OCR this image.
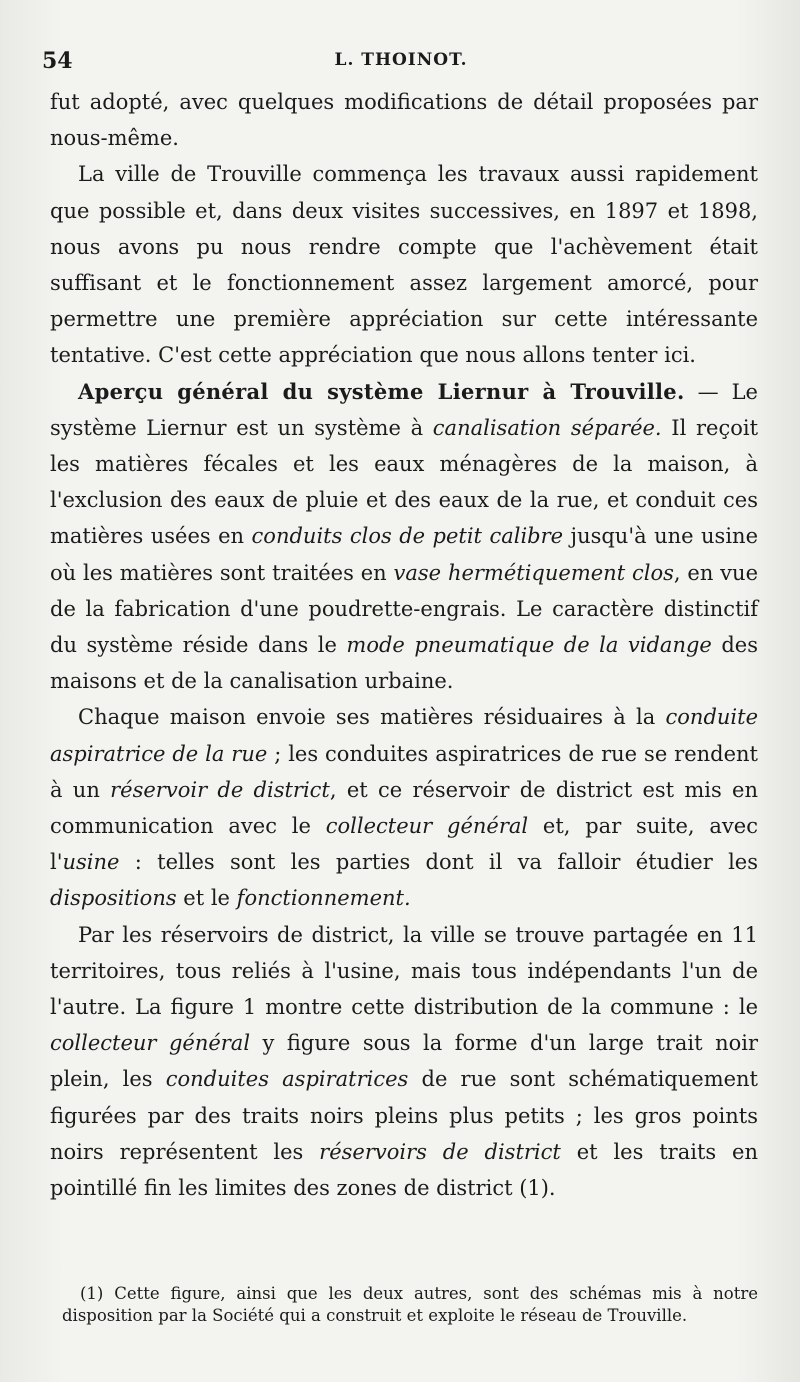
54	L. THOINOT.

fut adopté, avec quelques modifications de détail proposées par nous-même.

La ville de Trouville commença les travaux aussi rapidement que possible et, dans deux visites successives, en 1897 et 1898, nous avons pu nous rendre compte que l'achèvement était suffisant et le fonctionnement assez largement amorcé, pour permettre une première appréciation sur cette intéressante tentative. C'est cette appréciation que nous allons tenter ici.

Aperçu général du système Liernur à Trouville. — Le système Liernur est un système à canalisation séparée. Il reçoit les matières fécales et les eaux ménagères de la maison, à l'exclusion des eaux de pluie et des eaux de la rue, et conduit ces matières usées en conduits clos de petit calibre jusqu'à une usine où les matières sont traitées en vase hermétiquement clos, en vue de la fabrication d'une poudrette-engrais. Le caractère distinctif du système réside dans le mode pneumatique de la vidange des maisons et de la canalisation urbaine.

Chaque maison envoie ses matières résiduaires à la conduite aspiratrice de la rue ; les conduites aspiratrices de rue se rendent à un réservoir de district, et ce réservoir de district est mis en communication avec le collecteur général et, par suite, avec l'usine : telles sont les parties dont il va falloir étudier les dispositions et le fonctionnement.

Par les réservoirs de district, la ville se trouve partagée en 11 territoires, tous reliés à l'usine, mais tous indépendants l'un de l'autre. La figure 1 montre cette distribution de la commune : le collecteur général y figure sous la forme d'un large trait noir plein, les conduites aspiratrices de rue sont schématiquement figurées par des traits noirs pleins plus petits ; les gros points noirs représentent les réservoirs de district et les traits en pointillé fin les limites des zones de district (1).

(1) Cette figure, ainsi que les deux autres, sont des schémas mis à notre disposition par la Société qui a construit et exploite le réseau de Trouville.
